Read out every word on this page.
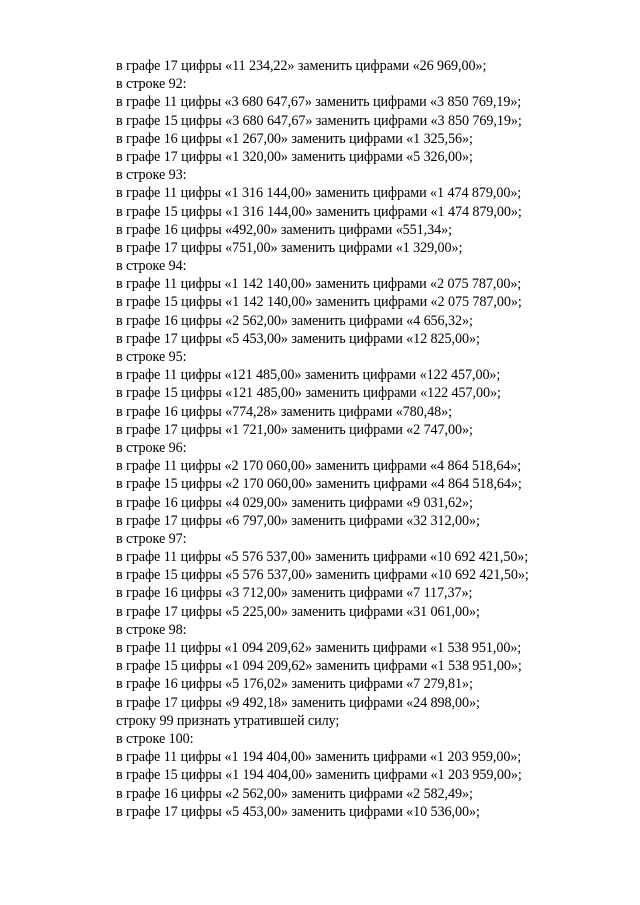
в графе 17 цифры «11 234,22» заменить цифрами «26 969,00»;
в строке 92:
в графе 11 цифры «3 680 647,67» заменить цифрами «3 850 769,19»;
в графе 15 цифры «3 680 647,67» заменить цифрами «3 850 769,19»;
в графе 16 цифры «1 267,00» заменить цифрами «1 325,56»;
в графе 17 цифры «1 320,00» заменить цифрами «5 326,00»;
в строке 93:
в графе 11 цифры «1 316 144,00» заменить цифрами «1 474 879,00»;
в графе 15 цифры «1 316 144,00» заменить цифрами «1 474 879,00»;
в графе 16 цифры «492,00» заменить цифрами «551,34»;
в графе 17 цифры «751,00» заменить цифрами «1 329,00»;
в строке 94:
в графе 11 цифры «1 142 140,00» заменить цифрами «2 075 787,00»;
в графе 15 цифры «1 142 140,00» заменить цифрами «2 075 787,00»;
в графе 16 цифры «2 562,00» заменить цифрами «4 656,32»;
в графе 17 цифры «5 453,00» заменить цифрами «12 825,00»;
в строке 95:
в графе 11 цифры «121 485,00» заменить цифрами «122 457,00»;
в графе 15 цифры «121 485,00» заменить цифрами «122 457,00»;
в графе 16 цифры «774,28» заменить цифрами «780,48»;
в графе 17 цифры «1 721,00» заменить цифрами «2 747,00»;
в строке 96:
в графе 11 цифры «2 170 060,00» заменить цифрами «4 864 518,64»;
в графе 15 цифры «2 170 060,00» заменить цифрами «4 864 518,64»;
в графе 16 цифры «4 029,00» заменить цифрами «9 031,62»;
в графе 17 цифры «6 797,00» заменить цифрами «32 312,00»;
в строке 97:
в графе 11 цифры «5 576 537,00» заменить цифрами «10 692 421,50»;
в графе 15 цифры «5 576 537,00» заменить цифрами «10 692 421,50»;
в графе 16 цифры «3 712,00» заменить цифрами «7 117,37»;
в графе 17 цифры «5 225,00» заменить цифрами «31 061,00»;
в строке 98:
в графе 11 цифры «1 094 209,62» заменить цифрами «1 538 951,00»;
в графе 15 цифры «1 094 209,62» заменить цифрами «1 538 951,00»;
в графе 16 цифры «5 176,02» заменить цифрами «7 279,81»;
в графе 17 цифры «9 492,18» заменить цифрами «24 898,00»;
строку 99 признать утратившей силу;
в строке 100:
в графе 11 цифры «1 194 404,00» заменить цифрами «1 203 959,00»;
в графе 15 цифры «1 194 404,00» заменить цифрами «1 203 959,00»;
в графе 16 цифры «2 562,00» заменить цифрами «2 582,49»;
в графе 17 цифры «5 453,00» заменить цифрами «10 536,00»;
